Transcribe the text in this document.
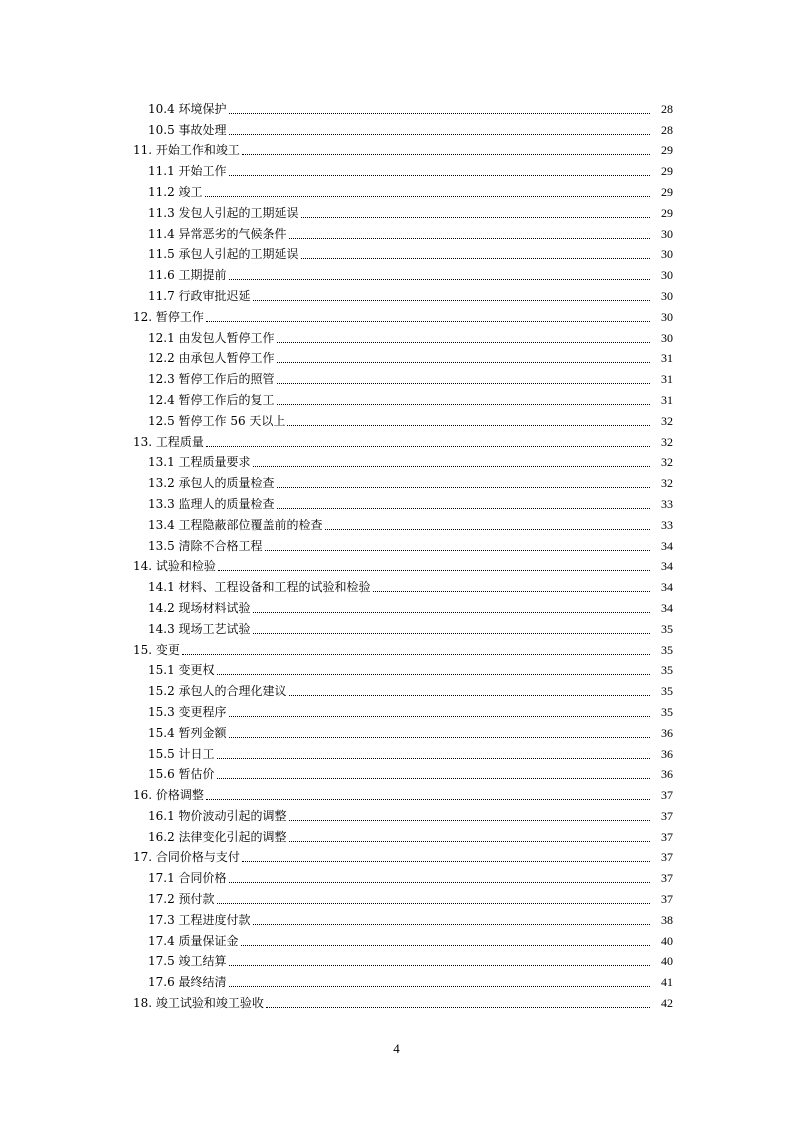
10.4 环境保护	28
10.5 事故处理	28
11. 开始工作和竣工	29
11.1 开始工作	29
11.2 竣工	29
11.3 发包人引起的工期延误	29
11.4 异常恶劣的气候条件	30
11.5 承包人引起的工期延误	30
11.6 工期提前	30
11.7 行政审批迟延	30
12. 暂停工作	30
12.1 由发包人暂停工作	30
12.2 由承包人暂停工作	31
12.3 暂停工作后的照管	31
12.4 暂停工作后的复工	31
12.5 暂停工作 56 天以上	32
13. 工程质量	32
13.1 工程质量要求	32
13.2 承包人的质量检查	32
13.3 监理人的质量检查	33
13.4 工程隐蔽部位覆盖前的检查	33
13.5 清除不合格工程	34
14. 试验和检验	34
14.1 材料、工程设备和工程的试验和检验	34
14.2 现场材料试验	34
14.3 现场工艺试验	35
15. 变更	35
15.1 变更权	35
15.2 承包人的合理化建议	35
15.3 变更程序	35
15.4 暂列金额	36
15.5 计日工	36
15.6 暂估价	36
16. 价格调整	37
16.1 物价波动引起的调整	37
16.2 法律变化引起的调整	37
17. 合同价格与支付	37
17.1 合同价格	37
17.2 预付款	37
17.3 工程进度付款	38
17.4 质量保证金	40
17.5 竣工结算	40
17.6 最终结清	41
18. 竣工试验和竣工验收	42
4
